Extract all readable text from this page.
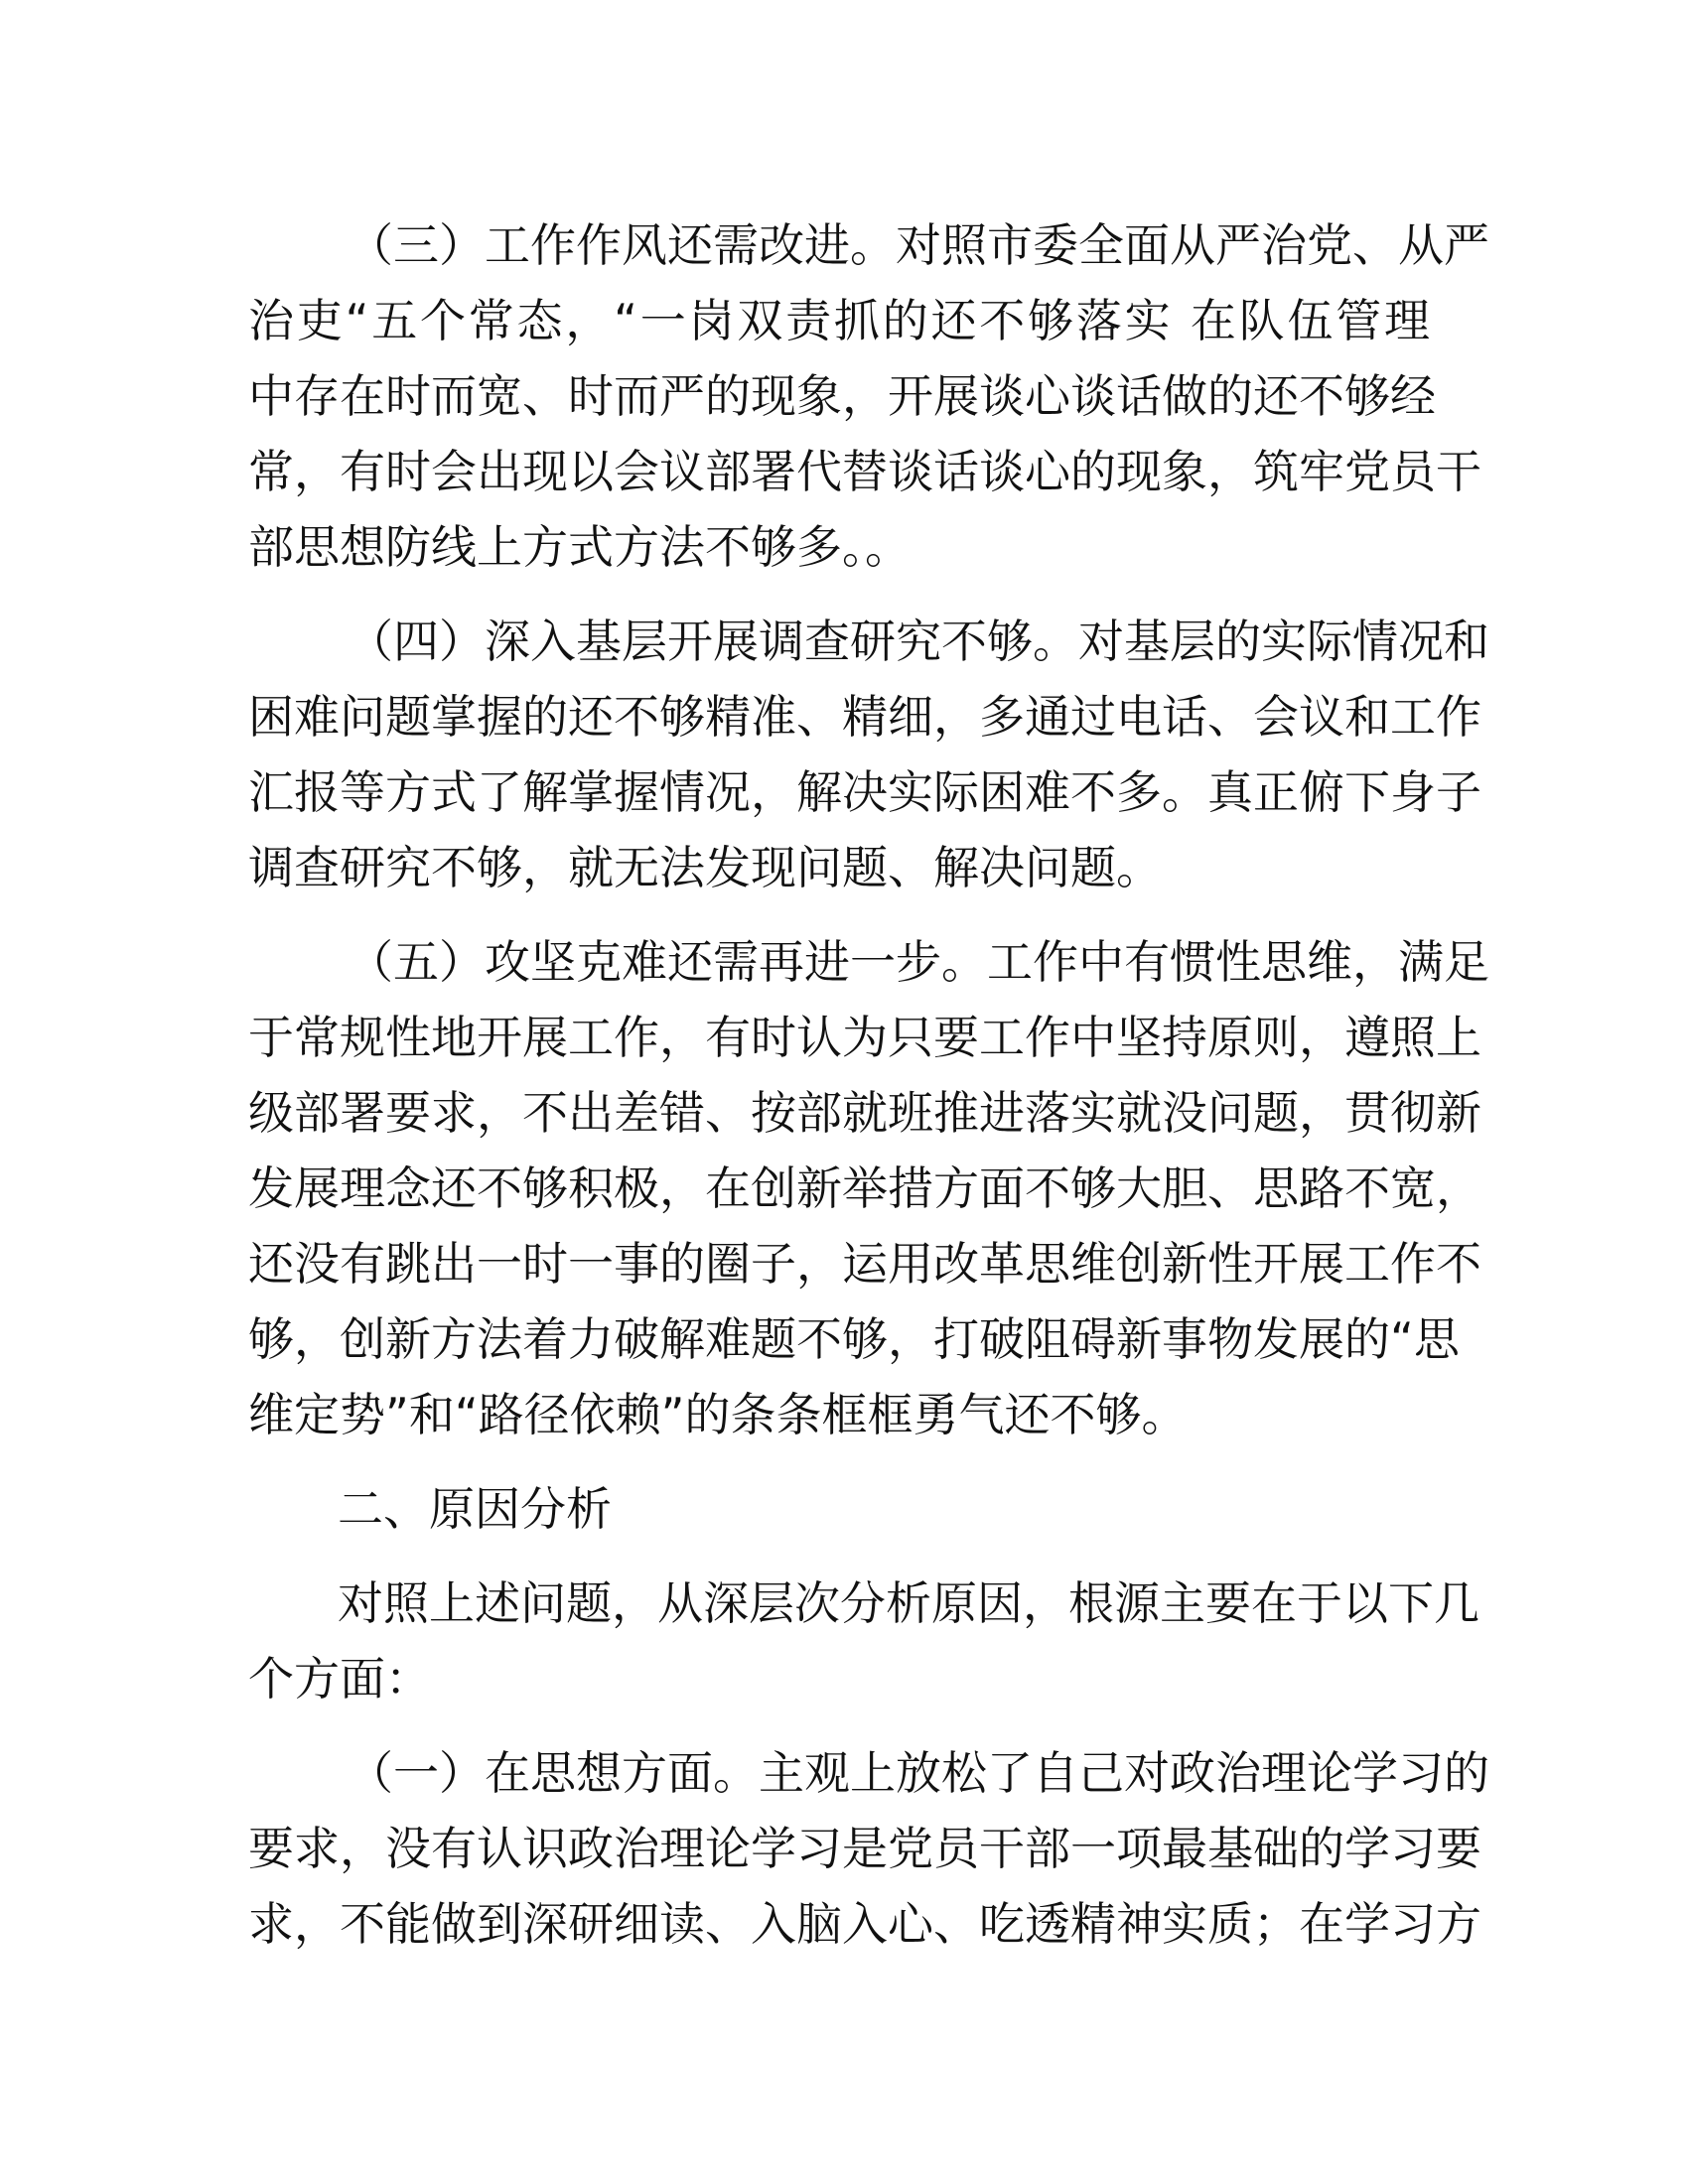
（三）工作作风还需改进。对照市委全面从严治党、从严
治吏“五个常态，“一岗双责抓的还不够落实 在队伍管理
中存在时而宽、时而严的现象，开展谈心谈话做的还不够经
常，有时会出现以会议部署代替谈话谈心的现象，筑牢党员干
部思想防线上方式方法不够多。。
（四）深入基层开展调查研究不够。对基层的实际情况和
困难问题掌握的还不够精准、精细，多通过电话、会议和工作
汇报等方式了解掌握情况，解决实际困难不多。真正俯下身子
调查研究不够，就无法发现问题、解决问题。
（五）攻坚克难还需再进一步。工作中有惯性思维，满足
于常规性地开展工作，有时认为只要工作中坚持原则，遵照上
级部署要求，不出差错、按部就班推进落实就没问题，贯彻新
发展理念还不够积极，在创新举措方面不够大胆、思路不宽，
还没有跳出一时一事的圈子，运用改革思维创新性开展工作不
够，创新方法着力破解难题不够，打破阻碍新事物发展的“思
维定势”和“路径依赖”的条条框框勇气还不够。
二、原因分析
对照上述问题，从深层次分析原因，根源主要在于以下几
个方面：
（一）在思想方面。主观上放松了自己对政治理论学习的
要求，没有认识政治理论学习是党员干部一项最基础的学习要
求，不能做到深研细读、入脑入心、吃透精神实质；在学习方
